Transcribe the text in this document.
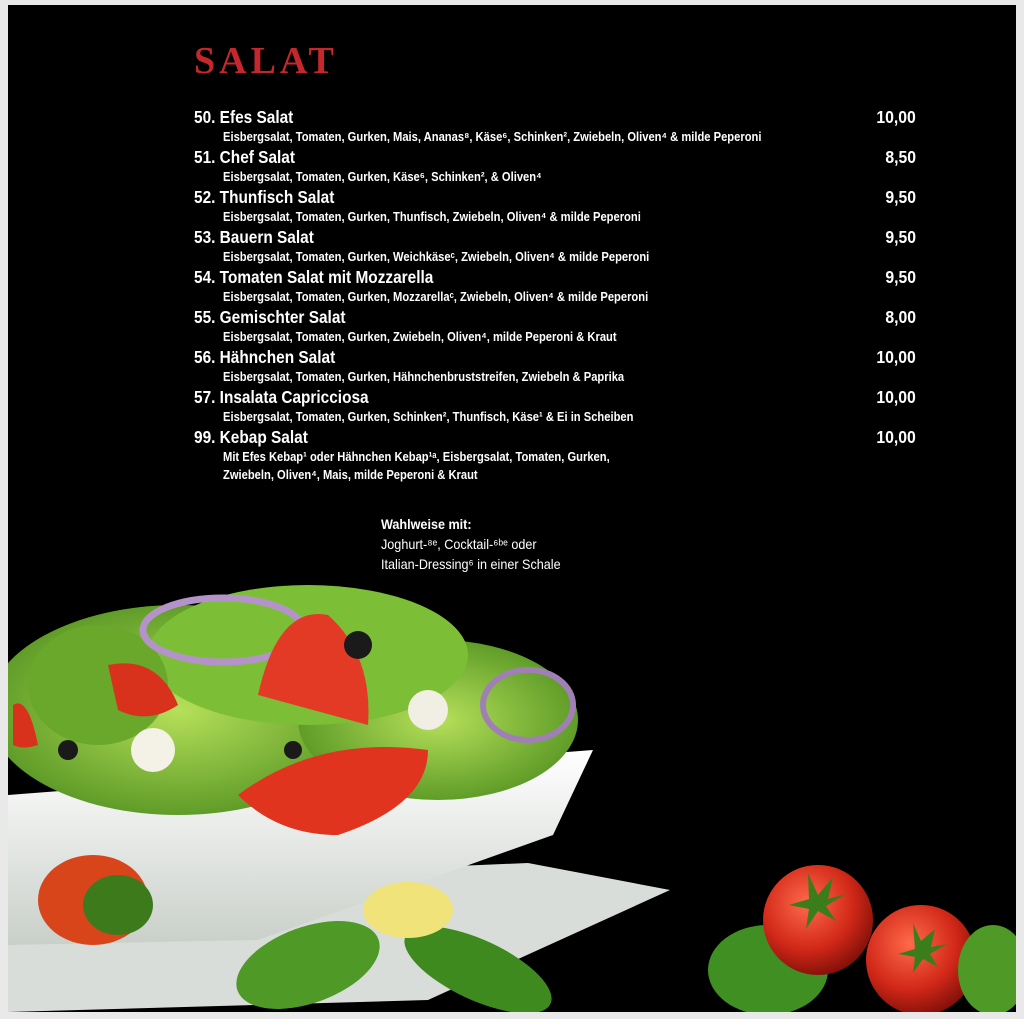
SALAT
50. Efes Salat	10,00
Eisbergsalat, Tomaten, Gurken, Mais, Ananas⁸, Käse⁶, Schinken², Zwiebeln, Oliven⁴ & milde Peperoni
51. Chef Salat	8,50
Eisbergsalat, Tomaten, Gurken, Käse⁶, Schinken², & Oliven⁴
52. Thunfisch Salat	9,50
Eisbergsalat, Tomaten, Gurken, Thunfisch, Zwiebeln, Oliven⁴ & milde Peperoni
53. Bauern Salat	9,50
Eisbergsalat, Tomaten, Gurken, Weichkäseᶜ, Zwiebeln, Oliven⁴ & milde Peperoni
54. Tomaten Salat mit Mozzarella	9,50
Eisbergsalat, Tomaten, Gurken, Mozzarellaᶜ, Zwiebeln, Oliven⁴ & milde Peperoni
55. Gemischter Salat	8,00
Eisbergsalat, Tomaten, Gurken, Zwiebeln, Oliven⁴, milde Peperoni & Kraut
56. Hähnchen Salat	10,00
Eisbergsalat, Tomaten, Gurken, Hähnchenbruststreifen, Zwiebeln & Paprika
57. Insalata Capricciosa	10,00
Eisbergsalat, Tomaten, Gurken, Schinken², Thunfisch, Käse¹ & Ei in Scheiben
99. Kebap Salat	10,00
Mit Efes Kebap¹ oder Hähnchen Kebap¹ᵃ, Eisbergsalat, Tomaten, Gurken,
Zwiebeln, Oliven⁴, Mais, milde Peperoni & Kraut
Wahlweise mit:
Joghurt-⁸ᵉ, Cocktail-⁶ᵇᵉ oder
Italian-Dressing⁶ in einer Schale
